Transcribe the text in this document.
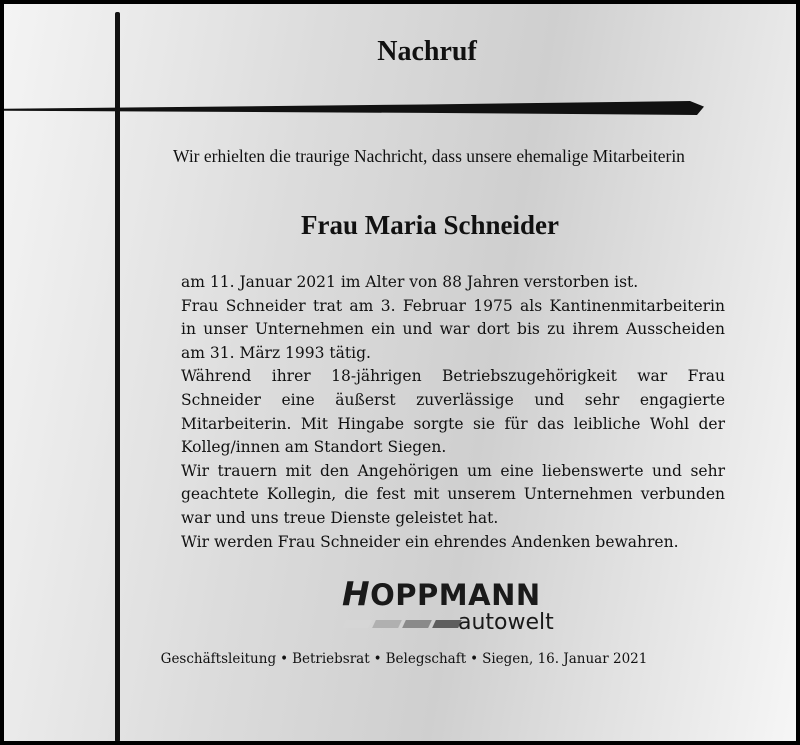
Nachruf
Wir erhielten die traurige Nachricht, dass unsere ehemalige Mitarbeiterin
Frau Maria Schneider

am 11. Januar 2021 im Alter von 88 Jahren verstorben ist.

Frau Schneider trat am 3. Februar 1975 als Kantinenmitarbeiterin in unser Unternehmen ein und war dort bis zu ihrem Ausscheiden am 31. März 1993 tätig.

Während ihrer 18-jährigen Betriebszugehörigkeit war Frau Schneider eine äußerst zuverlässige und sehr engagierte Mitarbeiterin. Mit Hingabe sorgte sie für das leibliche Wohl der Kolleg/innen am Standort Siegen.

Wir trauern mit den Angehörigen um eine liebenswerte und sehr geachtete Kollegin, die fest mit unserem Unternehmen verbunden war und uns treue Dienste geleistet hat.

Wir werden Frau Schneider ein ehrendes Andenken bewahren.

HOPPMANN
autowelt
Geschäftsleitung • Betriebsrat • Belegschaft • Siegen, 16. Januar 2021
